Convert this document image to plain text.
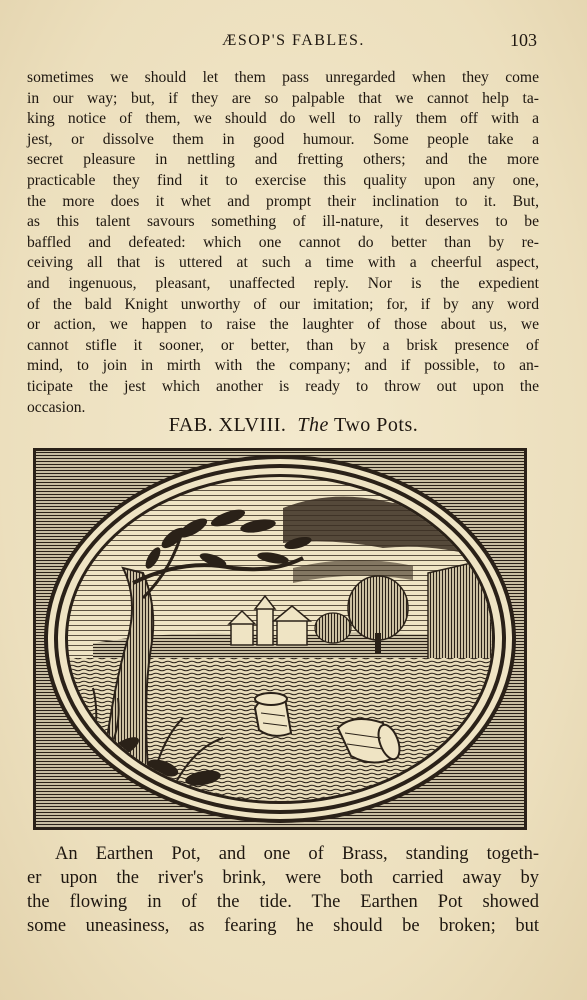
ÆSOP'S FABLES.	103
sometimes we should let them pass unregarded when they come
in our way; but, if they are so palpable that we cannot help ta-
king notice of them, we should do well to rally them off with a
jest, or dissolve them in good humour. Some people take a
secret pleasure in nettling and fretting others; and the more
practicable they find it to exercise this quality upon any one,
the more does it whet and prompt their inclination to it. But,
as this talent savours something of ill-nature, it deserves to be
baffled and defeated: which one cannot do better than by re-
ceiving all that is uttered at such a time with a cheerful aspect,
and ingenuous, pleasant, unaffected reply. Nor is the expedient
of the bald Knight unworthy of our imitation; for, if by any word
or action, we happen to raise the laughter of those about us, we
cannot stifle it sooner, or better, than by a brisk presence of
mind, to join in mirth with the company; and if possible, to an-
ticipate the jest which another is ready to throw out upon the
occasion.
FAB. XLVIII. The Two Pots.
An Earthen Pot, and one of Brass, standing togeth-
er upon the river's brink, were both carried away by
the flowing in of the tide. The Earthen Pot showed
some uneasiness, as fearing he should be broken; but
